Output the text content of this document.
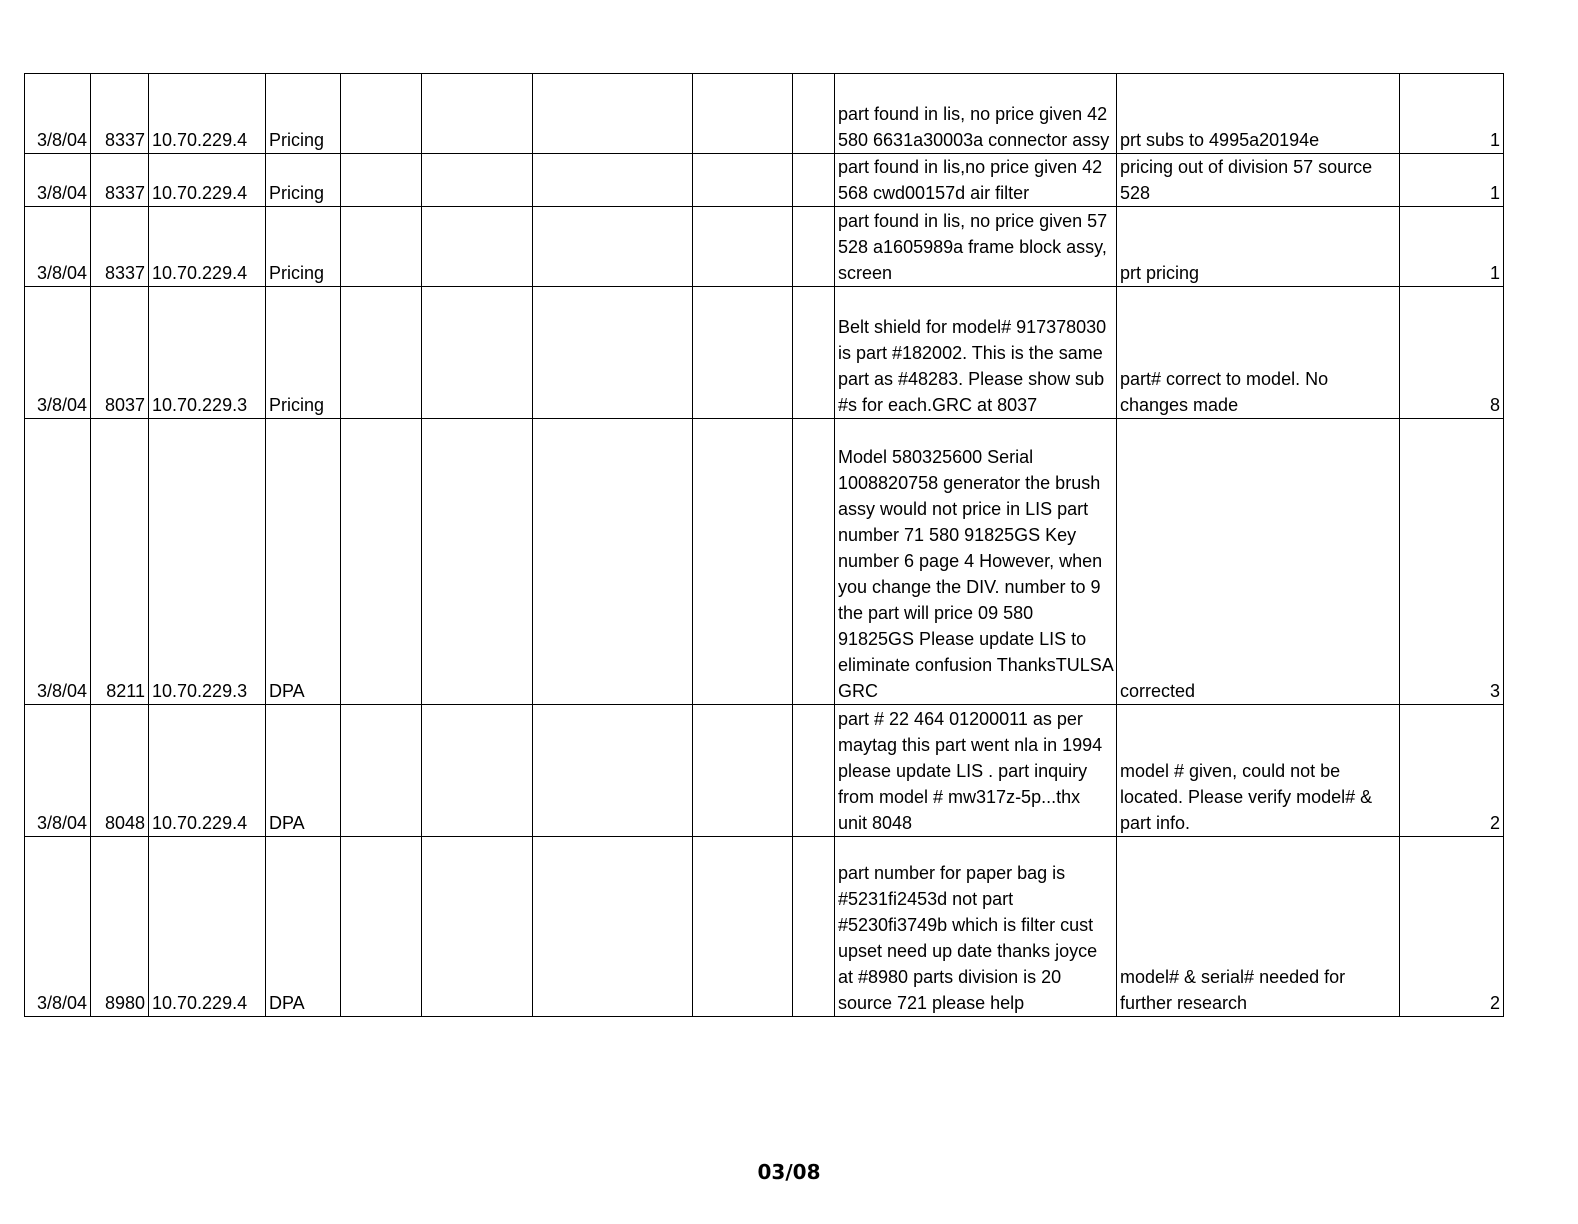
3/8/04	8337	10.70.229.4	Pricing						part found in lis, no price given 42 580 6631a30003a connector assy	prt subs to 4995a20194e	1
3/8/04	8337	10.70.229.4	Pricing						part found in lis,no price given 42 568 cwd00157d air filter	pricing out of division 57 source 528	1
3/8/04	8337	10.70.229.4	Pricing						part found in lis, no price given 57 528 a1605989a frame block assy, screen	prt pricing	1
3/8/04	8037	10.70.229.3	Pricing						Belt shield for model# 917378030 is part #182002. This is the same part as #48283. Please show sub #s for each.GRC at 8037	part# correct to model. No changes made	8
3/8/04	8211	10.70.229.3	DPA						Model 580325600 Serial 1008820758 generator the brush assy would not price in LIS part number 71 580 91825GS Key number 6 page 4 However, when you change the DIV. number to 9 the part will price 09 580 91825GS Please update LIS to eliminate confusion ThanksTULSA GRC	corrected	3
3/8/04	8048	10.70.229.4	DPA						part # 22 464 01200011 as per maytag this part went nla in 1994 please update LIS . part inquiry from model # mw317z-5p...thx unit 8048	model # given, could not be located. Please verify model# & part info.	2
3/8/04	8980	10.70.229.4	DPA						part number for paper bag is #5231fi2453d not part #5230fi3749b which is filter cust upset need up date thanks joyce at #8980 parts division is 20 source 721 please help	model# & serial# needed for further research	2
03/08
